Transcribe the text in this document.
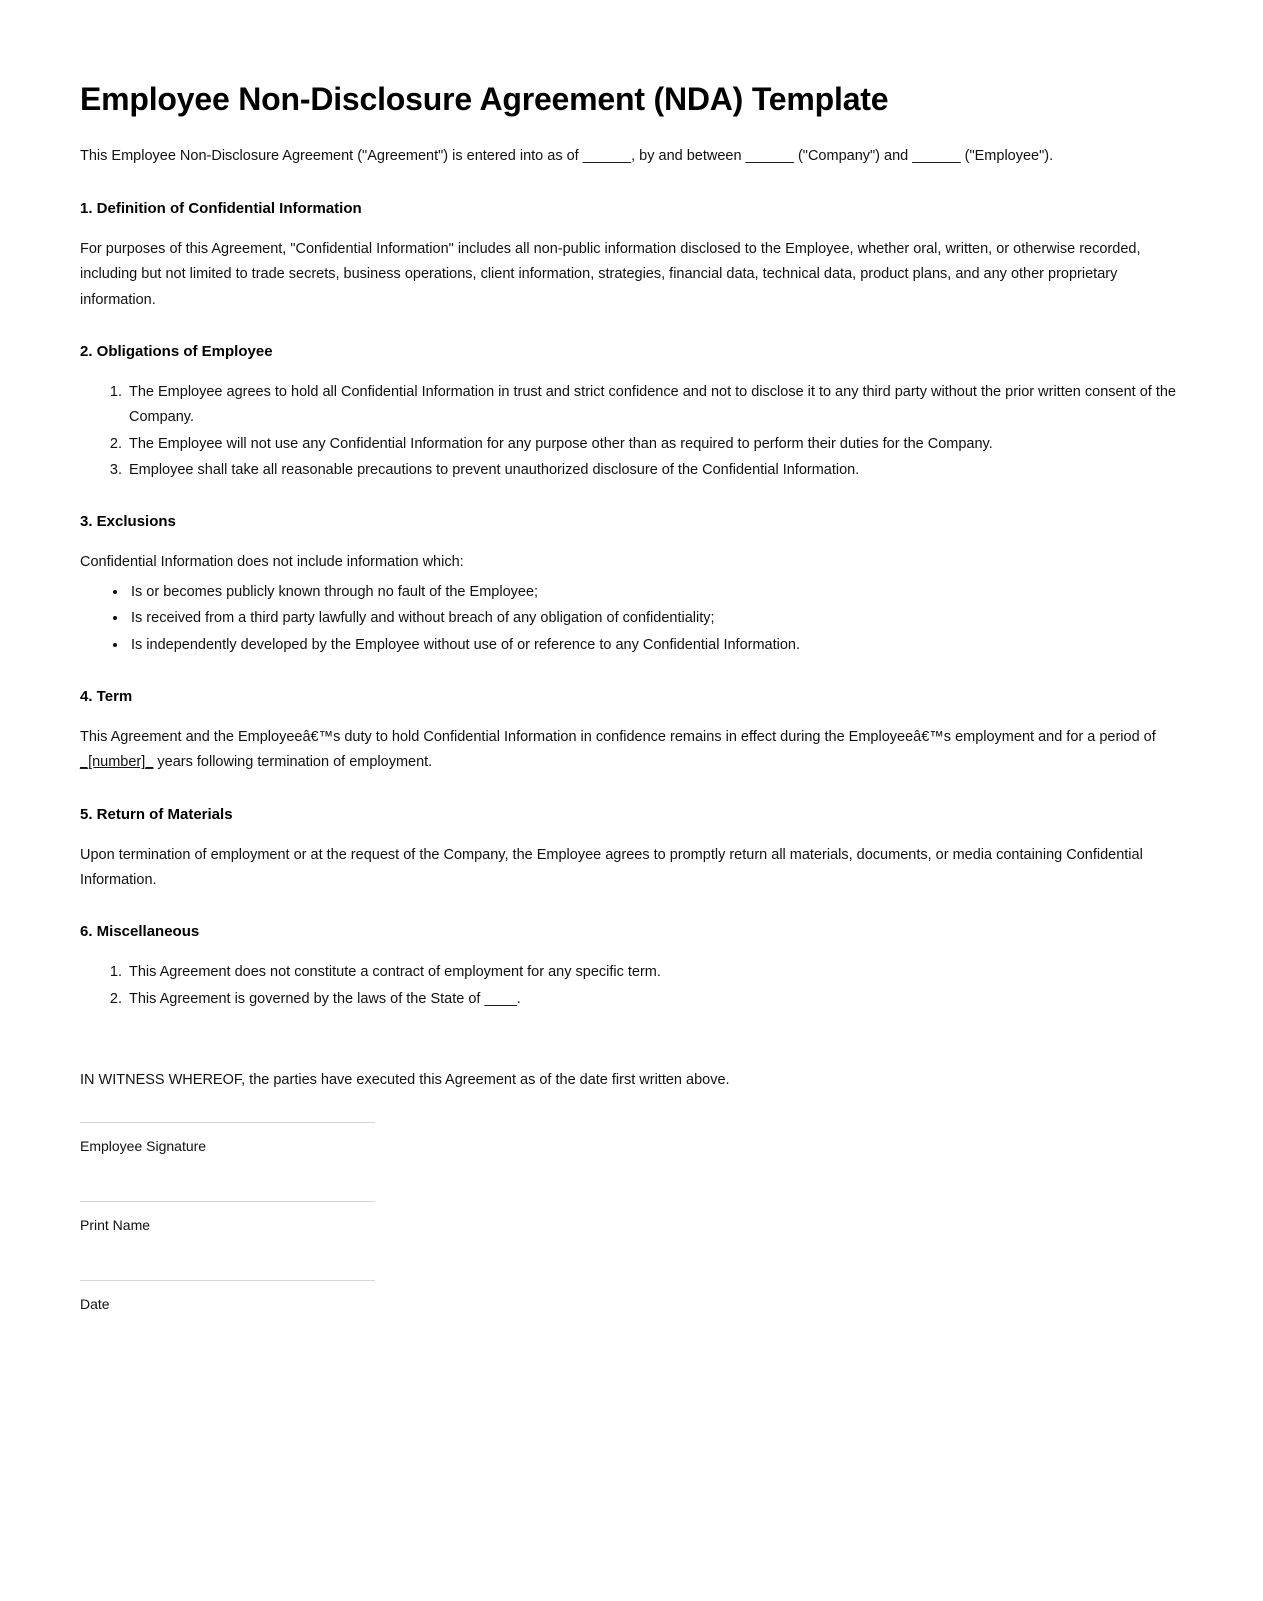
Employee Non-Disclosure Agreement (NDA) Template

This Employee Non-Disclosure Agreement ("Agreement") is entered into as of ______, by and between ______ ("Company") and ______ ("Employee").

1. Definition of Confidential Information

For purposes of this Agreement, "Confidential Information" includes all non-public information disclosed to the Employee, whether oral, written, or otherwise recorded, including but not limited to trade secrets, business operations, client information, strategies, financial data, technical data, product plans, and any other proprietary information.

2. Obligations of Employee
1. The Employee agrees to hold all Confidential Information in trust and strict confidence and not to disclose it to any third party without the prior written consent of the Company.
2. The Employee will not use any Confidential Information for any purpose other than as required to perform their duties for the Company.
3. Employee shall take all reasonable precautions to prevent unauthorized disclosure of the Confidential Information.
3. Exclusions

Confidential Information does not include information which:

• Is or becomes publicly known through no fault of the Employee;
• Is received from a third party lawfully and without breach of any obligation of confidentiality;
• Is independently developed by the Employee without use of or reference to any Confidential Information.
4. Term

This Agreement and the Employeeâ€™s duty to hold Confidential Information in confidence remains in effect during the Employeeâ€™s employment and for a period of _[number]_ years following termination of employment.

5. Return of Materials

Upon termination of employment or at the request of the Company, the Employee agrees to promptly return all materials, documents, or media containing Confidential Information.

6. Miscellaneous
1. This Agreement does not constitute a contract of employment for any specific term.
2. This Agreement is governed by the laws of the State of ____.

IN WITNESS WHEREOF, the parties have executed this Agreement as of the date first written above.

Employee Signature
Print Name
Date
